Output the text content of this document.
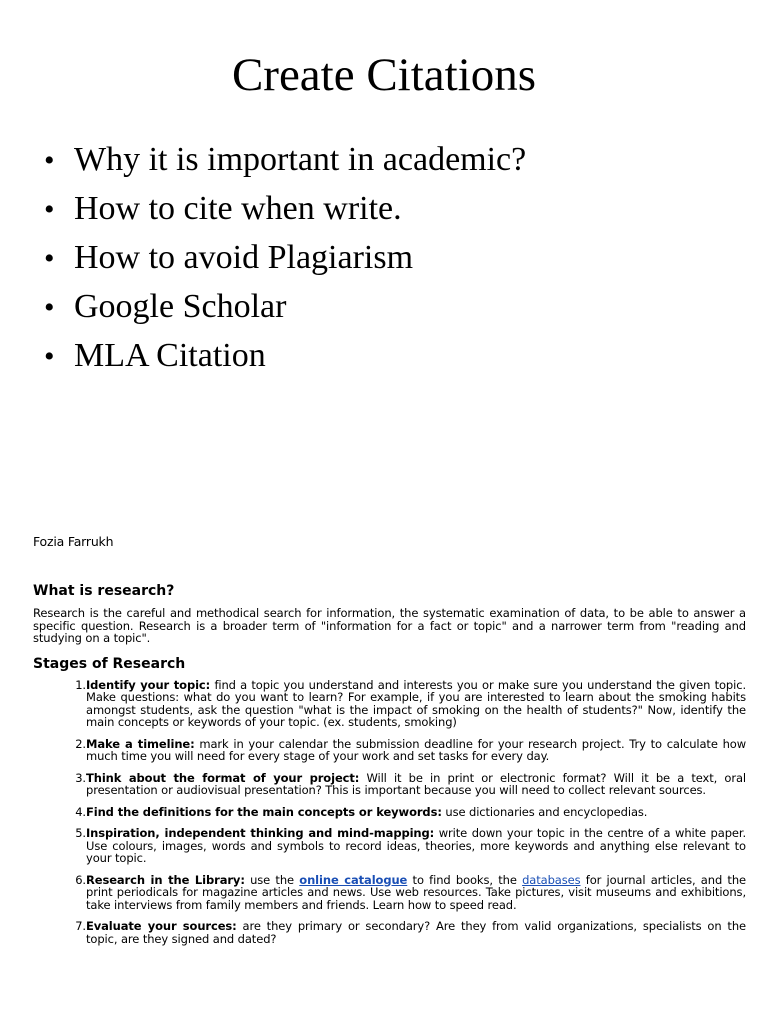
Create Citations
• Why it is important in academic?
• How to cite when write.
• How to avoid Plagiarism
• Google Scholar
• MLA Citation
Fozia Farrukh
What is research?
Research is the careful and methodical search for information, the systematic examination of data, to be able to answer a specific question. Research is a broader term of "information for a fact or topic" and a narrower term from "reading and studying on a topic".
Stages of Research
1. Identify your topic: find a topic you understand and interests you or make sure you understand the given topic. Make questions: what do you want to learn? For example, if you are interested to learn about the smoking habits amongst students, ask the question "what is the impact of smoking on the health of students?" Now, identify the main concepts or keywords of your topic. (ex. students, smoking)
2. Make a timeline: mark in your calendar the submission deadline for your research project. Try to calculate how much time you will need for every stage of your work and set tasks for every day.
3. Think about the format of your project: Will it be in print or electronic format? Will it be a text, oral presentation or audiovisual presentation? This is important because you will need to collect relevant sources.
4. Find the definitions for the main concepts or keywords: use dictionaries and encyclopedias.
5. Inspiration, independent thinking and mind-mapping: write down your topic in the centre of a white paper. Use colours, images, words and symbols to record ideas, theories, more keywords and anything else relevant to your topic.
6. Research in the Library: use the online catalogue to find books, the databases for journal articles, and the print periodicals for magazine articles and news. Use web resources. Take pictures, visit museums and exhibitions, take interviews from family members and friends. Learn how to speed read.
7. Evaluate your sources: are they primary or secondary? Are they from valid organizations, specialists on the topic, are they signed and dated?
